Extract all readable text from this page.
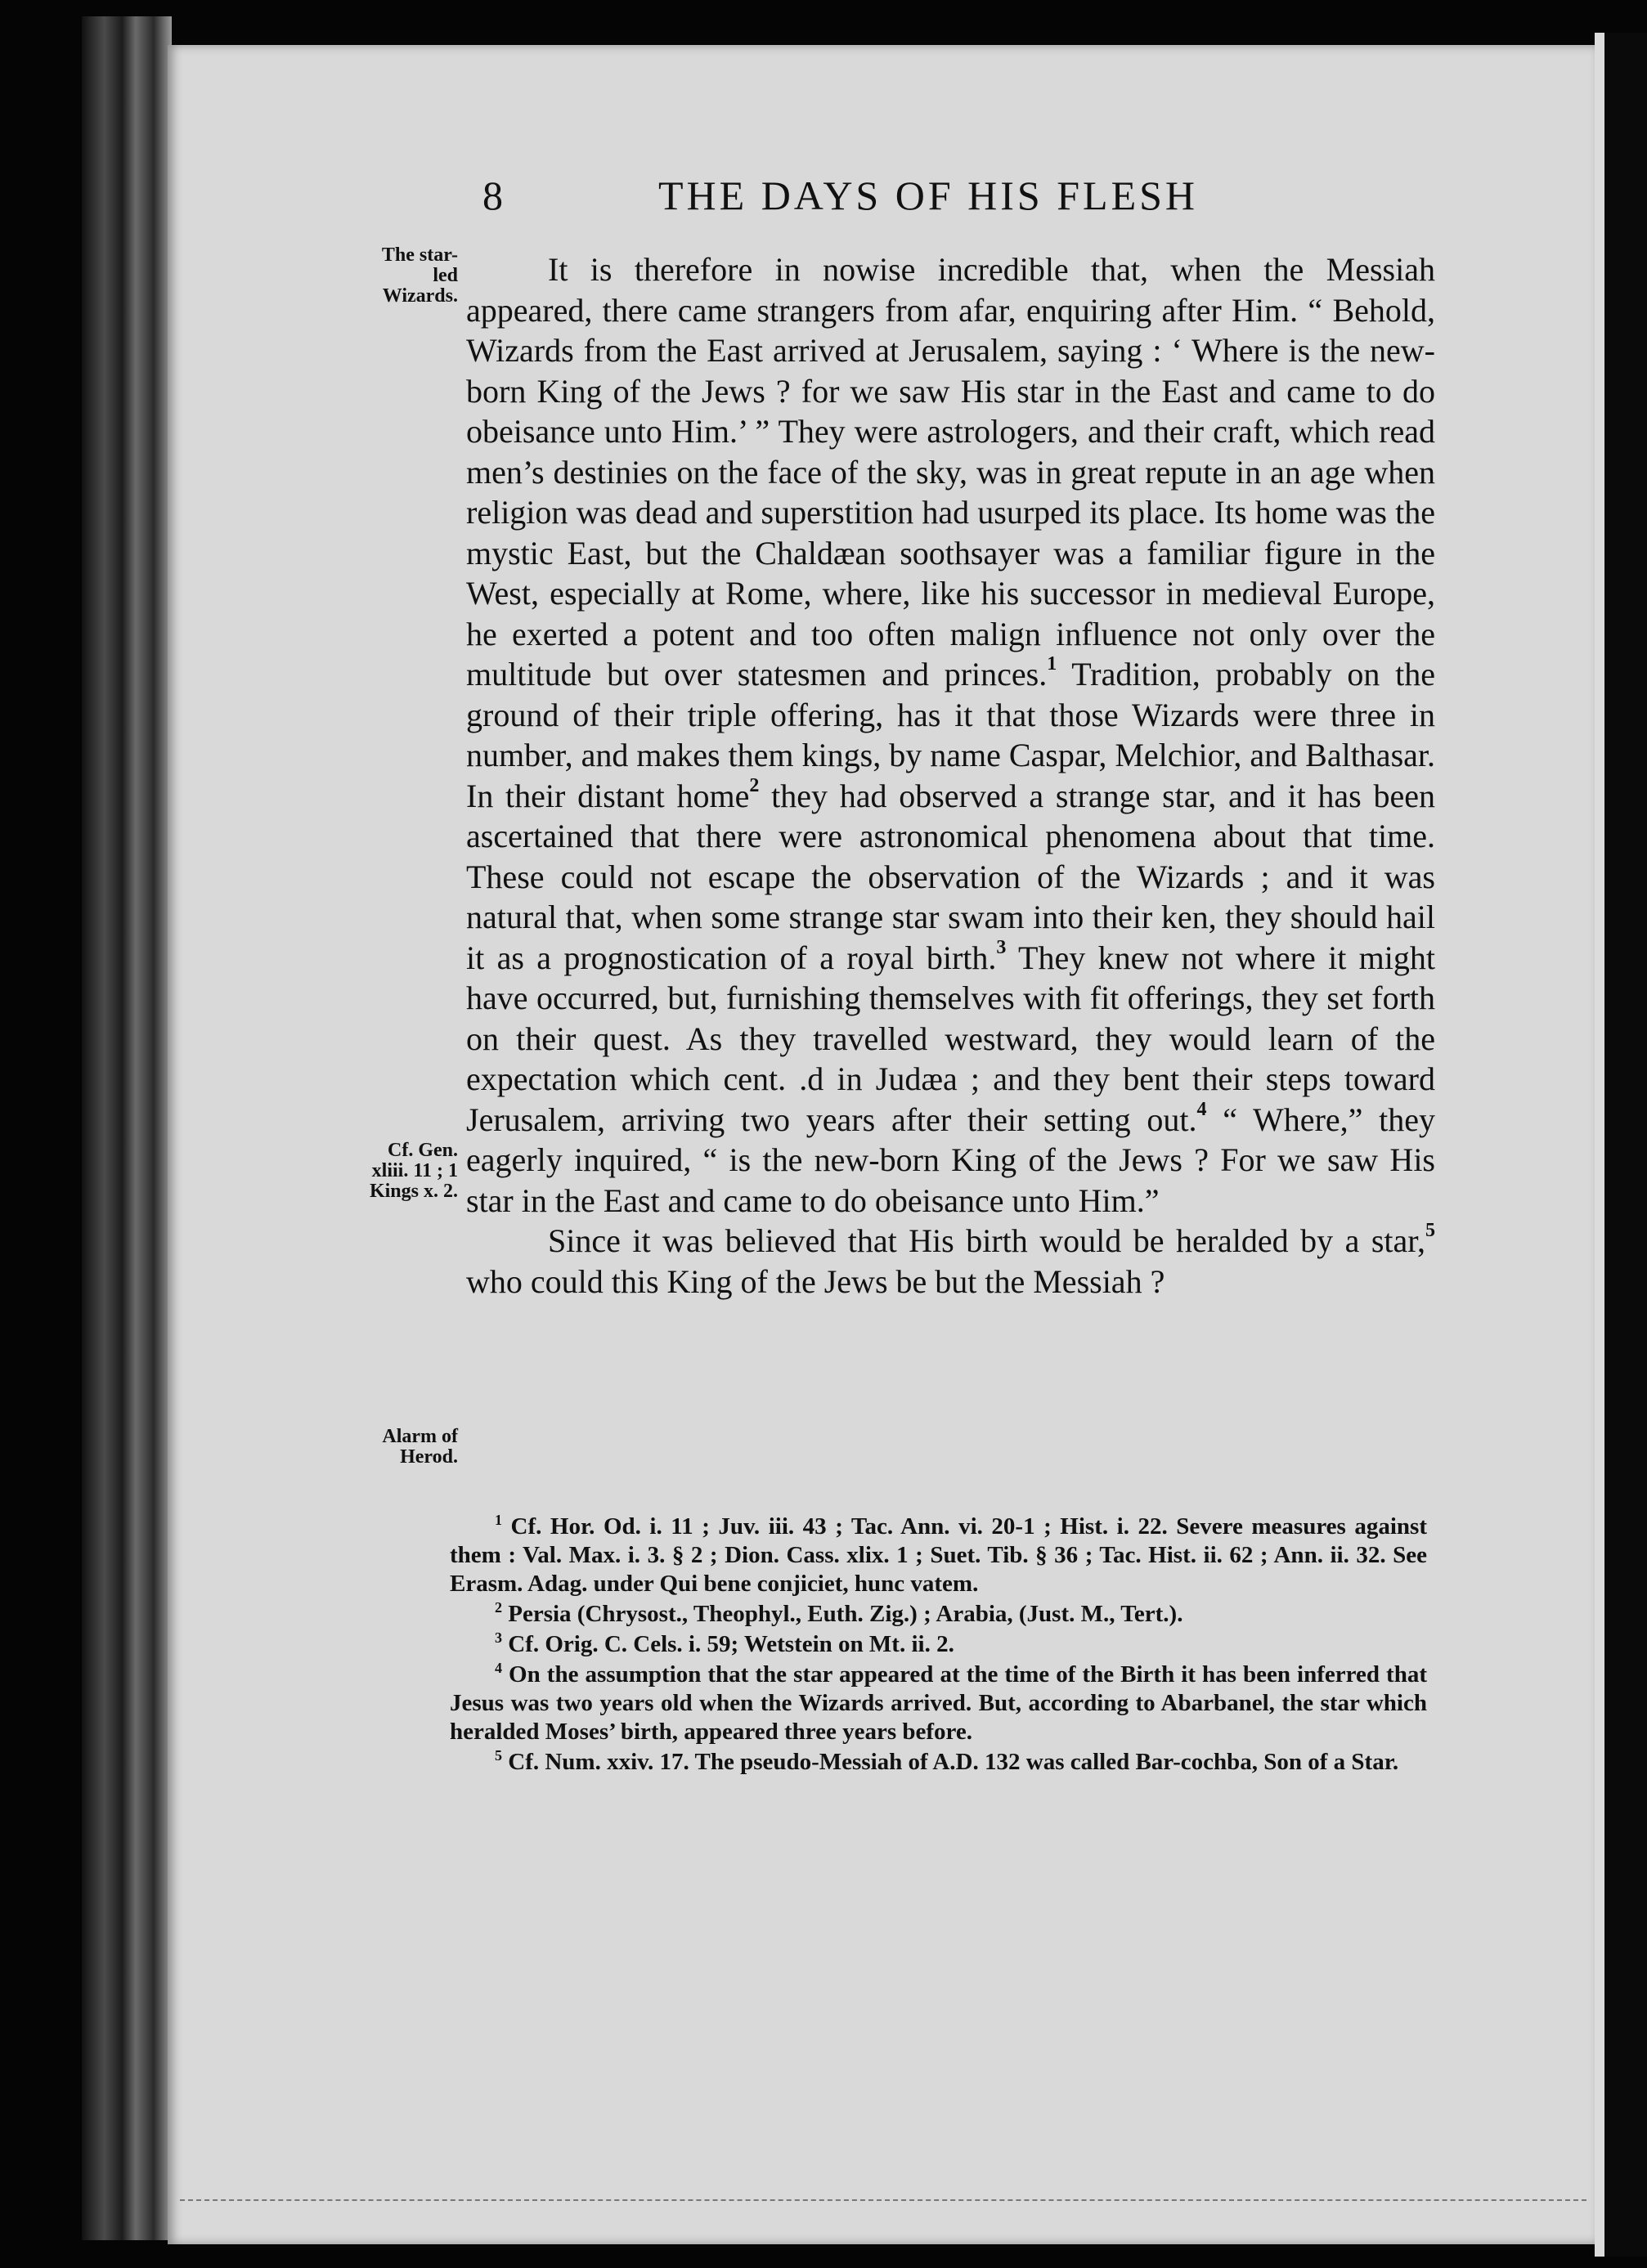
8	THE DAYS OF HIS FLESH
The star-
led
Wizards.
Cf. Gen.
xliii. 11 ; 1
Kings x. 2.
Alarm of
Herod.

It is therefore in nowise incredible that, when the Messiah appeared, there came strangers from afar, enquiring after Him. “ Behold, Wizards from the East arrived at Jerusalem, saying : ‘ Where is the new-born King of the Jews ? for we saw His star in the East and came to do obeisance unto Him.’ ” They were astrologers, and their craft, which read men’s destinies on the face of the sky, was in great repute in an age when religion was dead and superstition had usurped its place. Its home was the mystic East, but the Chaldæan soothsayer was a familiar figure in the West, especially at Rome, where, like his successor in medieval Europe, he exerted a potent and too often malign influence not only over the multitude but over statesmen and princes.$^1$ Tradition, probably on the ground of their triple offering, has it that those Wizards were three in number, and makes them kings, by name Caspar, Melchior, and Balthasar. In their distant home$^2$ they had observed a strange star, and it has been ascertained that there were astronomical phenomena about that time. These could not escape the observation of the Wizards ; and it was natural that, when some strange star swam into their ken, they should hail it as a prognostication of a royal birth.$^3$ They knew not where it might have occurred, but, furnishing themselves with fit offerings, they set forth on their quest. As they travelled westward, they would learn of the expectation which cent. .d in Judæa ; and they bent their steps toward Jerusalem, arriving two years after their setting out.$^4$ “ Where,” they eagerly inquired, “ is the new-born King of the Jews ? For we saw His star in the East and came to do obeisance unto Him.”

Since it was believed that His birth would be heralded by a star,$^5$ who could this King of the Jews be but the Messiah ?

$^1$ Cf. Hor. Od. i. 11 ; Juv. iii. 43 ; Tac. Ann. vi. 20-1 ; Hist. i. 22. Severe measures against them : Val. Max. i. 3. § 2 ; Dion. Cass. xlix. 1 ; Suet. Tib. § 36 ; Tac. Hist. ii. 62 ; Ann. ii. 32. See Erasm. Adag. under Qui bene conjiciet, hunc vatem.

$^2$ Persia (Chrysost., Theophyl., Euth. Zig.) ; Arabia, (Just. M., Tert.).

$^3$ Cf. Orig. C. Cels. i. 59; Wetstein on Mt. ii. 2.

$^4$ On the assumption that the star appeared at the time of the Birth it has been inferred that Jesus was two years old when the Wizards arrived. But, according to Abarbanel, the star which heralded Moses’ birth, appeared three years before.

$^5$ Cf. Num. xxiv. 17. The pseudo-Messiah of A.D. 132 was called Bar-cochba, Son of a Star.
